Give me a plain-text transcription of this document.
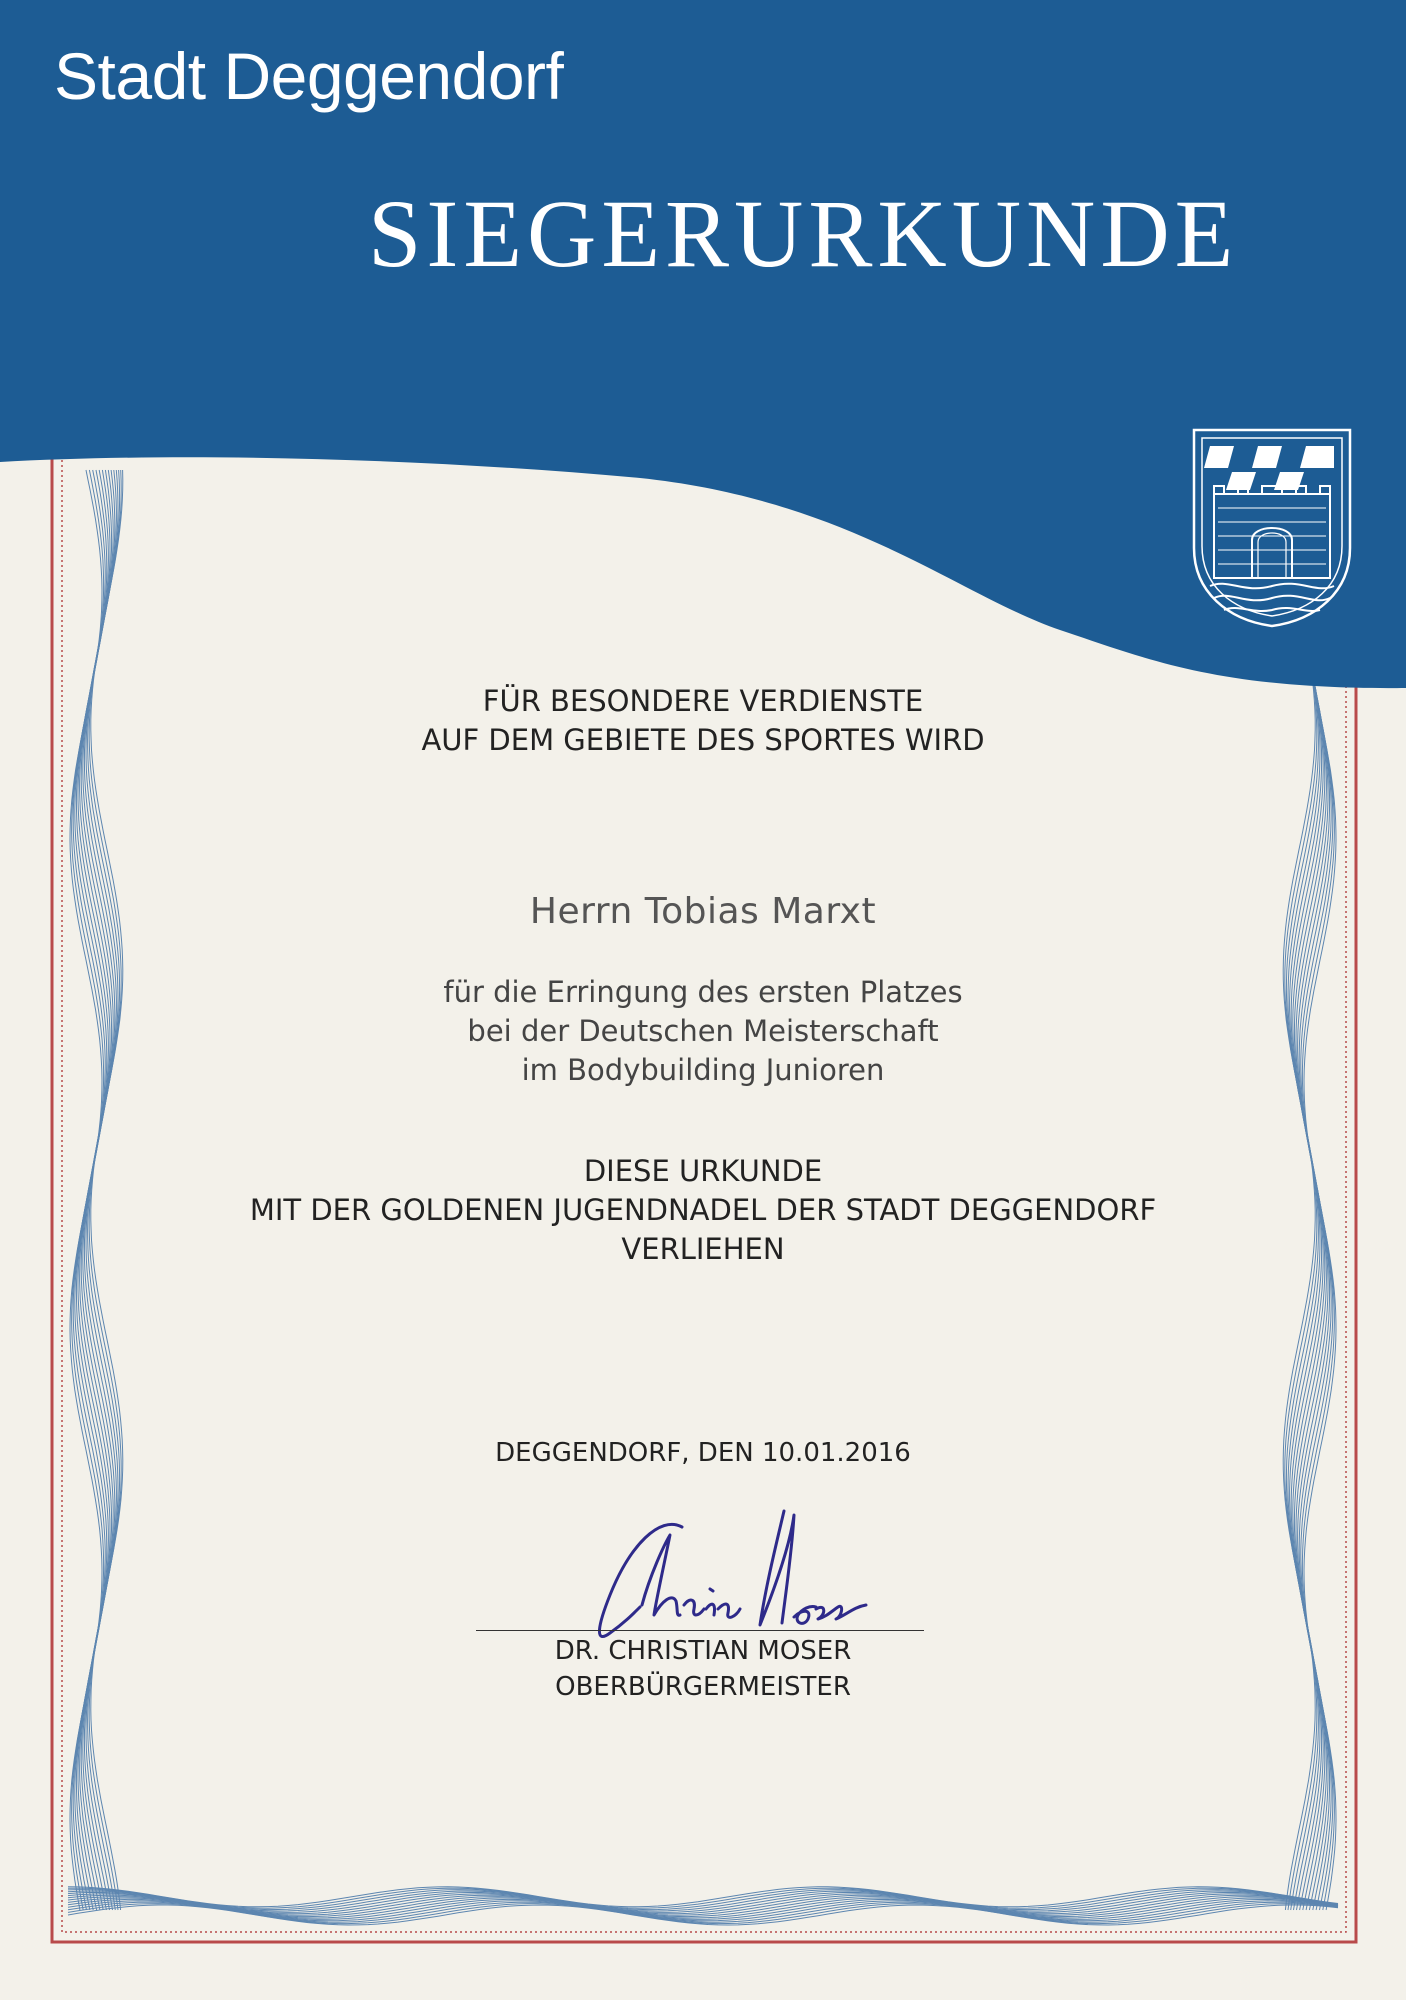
Stadt Deggendorf
SIEGERURKUNDE
FÜR BESONDERE VERDIENSTE
AUF DEM GEBIETE DES SPORTES WIRD
Herrn Tobias Marxt
für die Erringung des ersten Platzes
bei der Deutschen Meisterschaft
im Bodybuilding Junioren
DIESE URKUNDE
MIT DER GOLDENEN JUGENDNADEL DER STADT DEGGENDORF
VERLIEHEN
DEGGENDORF, DEN 10.01.2016
DR. CHRISTIAN MOSER
OBERBÜRGERMEISTER
